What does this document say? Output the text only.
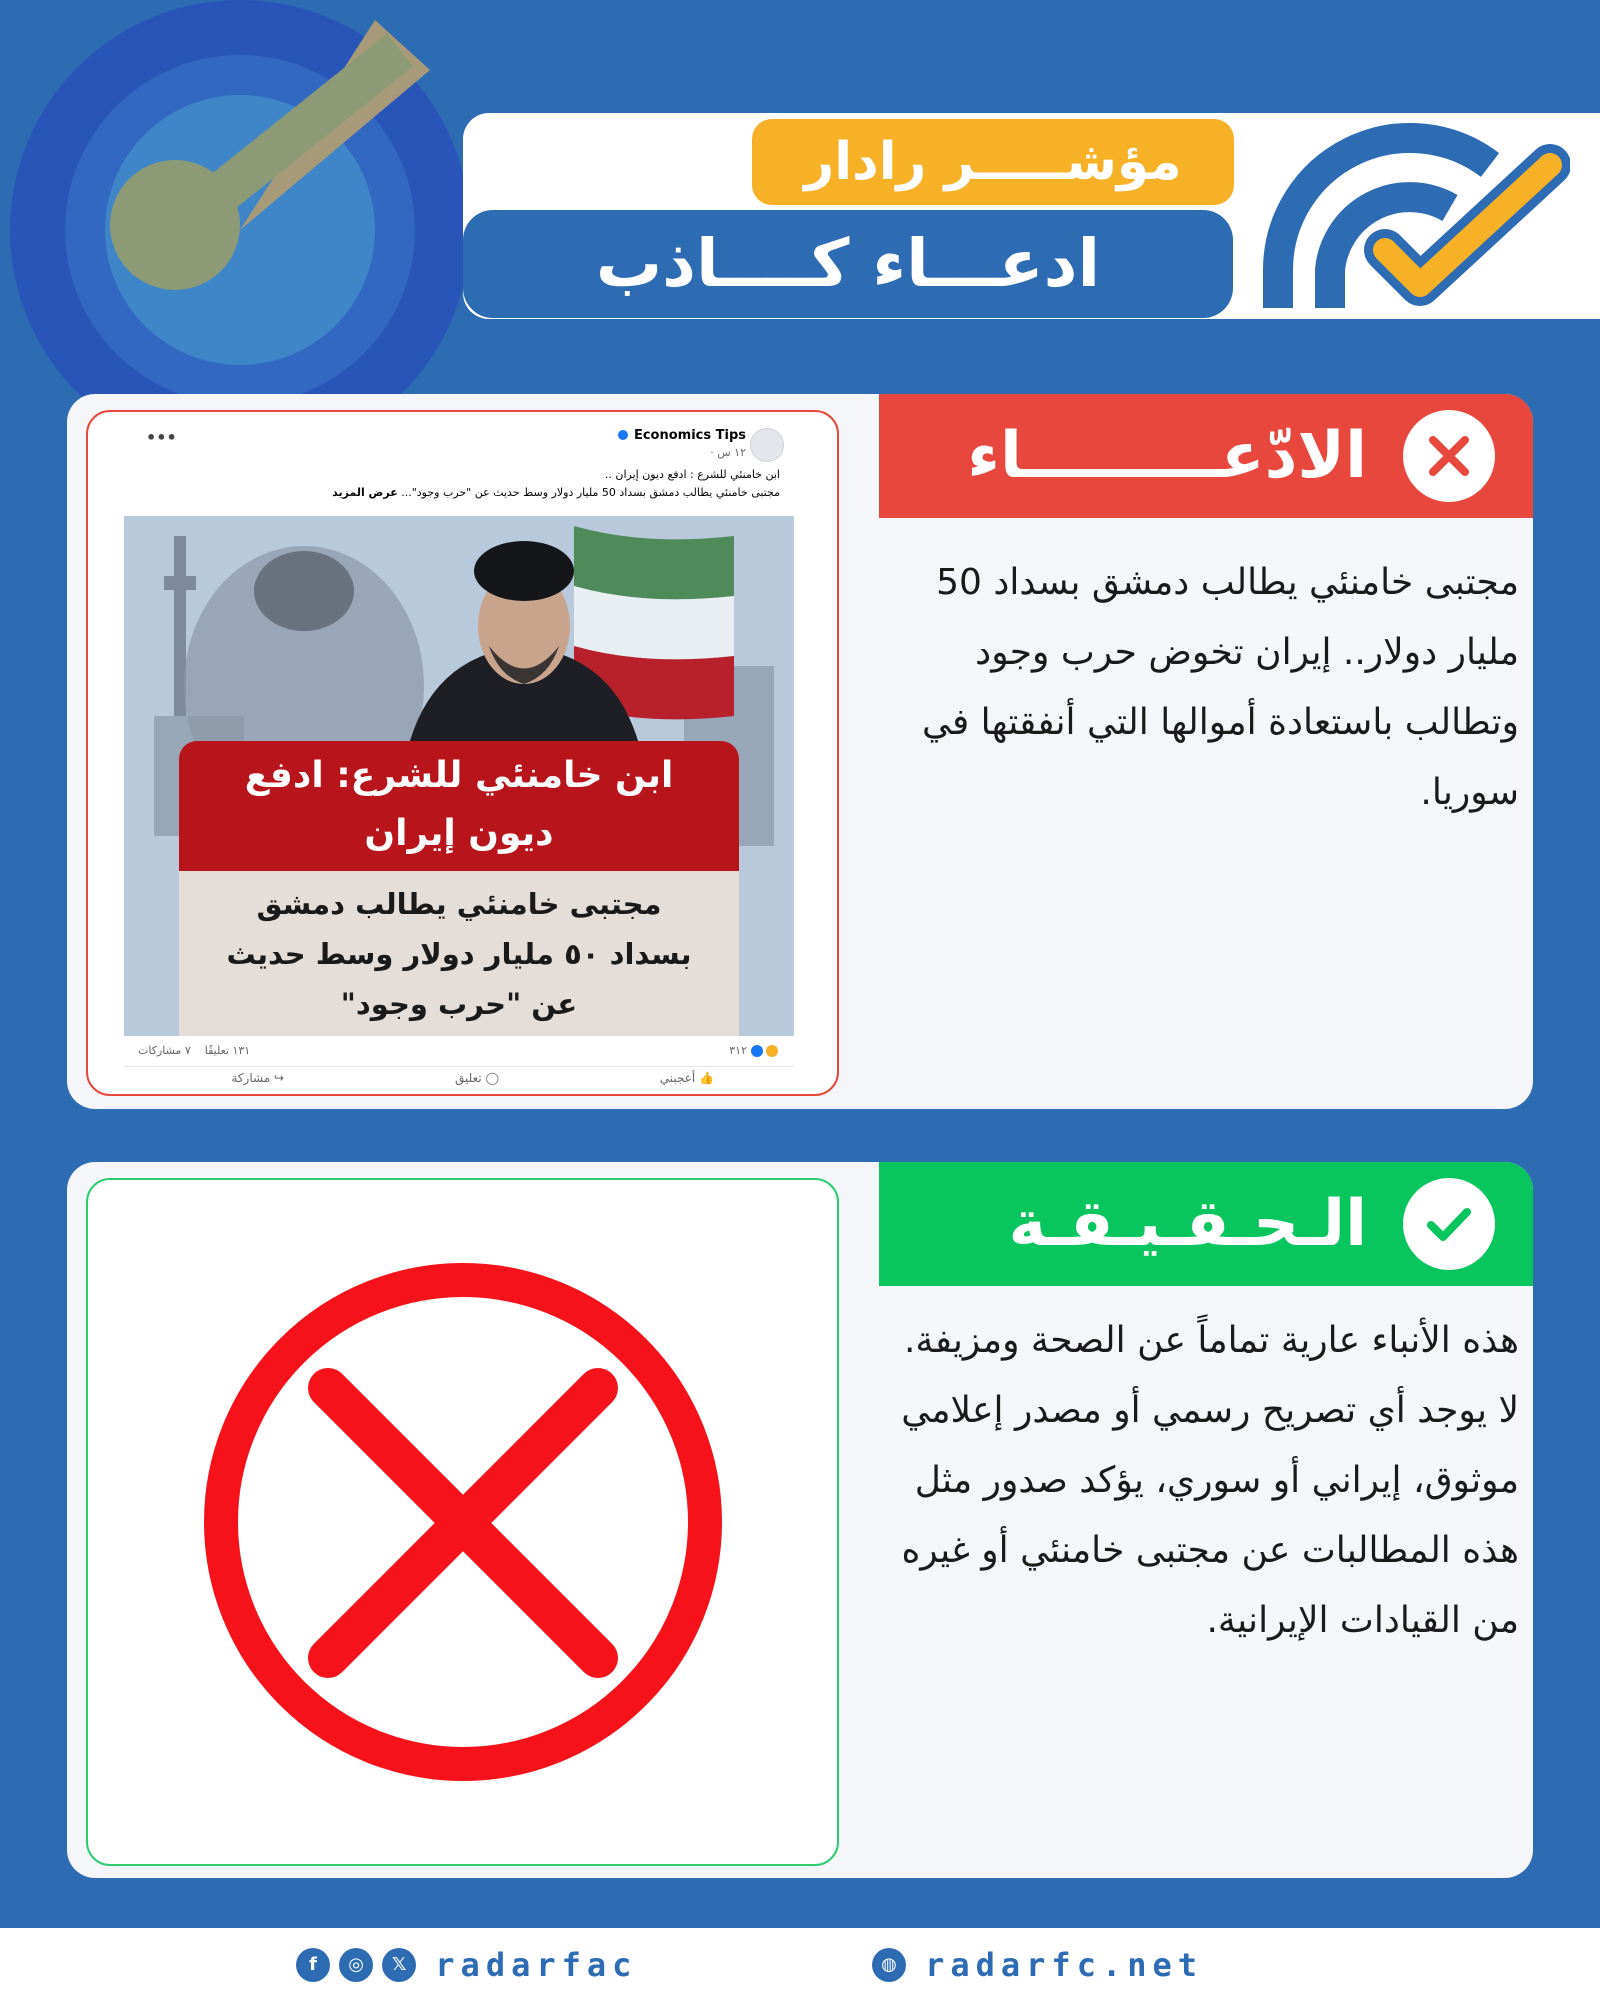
مؤشـــــر رادار
ادعـــاء كــــاذب
الادّعـــــــــاء
مجتبى خامنئي يطالب دمشق بسداد 50 مليار دولار.. إيران تخوض حرب وجود وتطالب باستعادة أموالها التي أنفقتها في سوريا.
Economics Tips
١٢ س ·
•••
ابن خامنئي للشرع : ادفع ديون إيران ..
مجتبى خامنئي يطالب دمشق بسداد 50 مليار دولار وسط حديث عن "حرب وجود"... عرض المزيد
ابن خامنئي للشرع: ادفع
ديون إيران
مجتبى خامنئي يطالب دمشق
بسداد ٥٠ مليار دولار وسط حديث
عن "حرب وجود"
٣١٢
١٣١ تعليقًا    ٧ مشاركات
👍 أعجبني
◯ تعليق
↪ مشاركة
الـحـقـيـقـة
هذه الأنباء عارية تماماً عن الصحة ومزيفة. لا يوجد أي تصريح رسمي أو مصدر إعلامي موثوق، إيراني أو سوري، يؤكد صدور مثل هذه المطالبات عن مجتبى خامنئي أو غيره من القيادات الإيرانية.
f ◎ 𝕏 radarfac	◍ radarfc.net
